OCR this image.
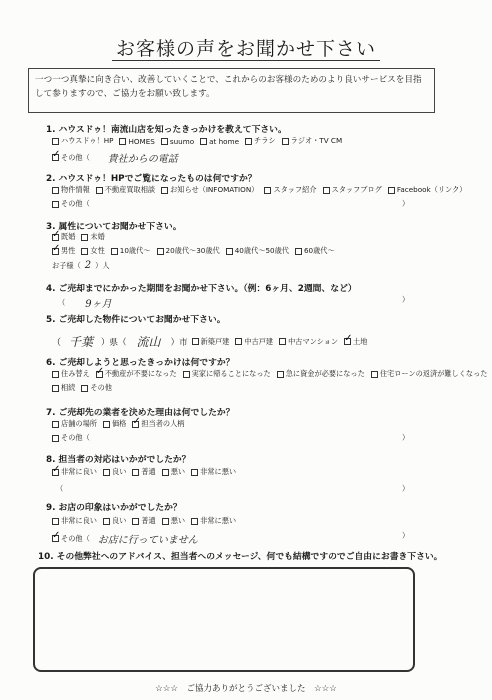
お客様の声をお聞かせ下さい
一つ一つ真摯に向き合い、改善していくことで、これからのお客様のためのより良いサービスを目指して参りますので、ご協力をお願い致します。
1. ハウスドゥ！南流山店を知ったきっかけを教えて下さい。
ハウスドゥ！HP HOMES suumo at home チラシ ラジオ・TV CM
✓
その他（ 貴社からの電話
2. ハウスドゥ！HPでご覧になったものは何ですか？
物件情報 不動産買取相談 お知らせ（INFOMATION） スタッフ紹介 スタッフブログ Facebook（リンク）
その他（	）
3. 属性についてお聞かせ下さい。
✓
既婚 未婚
✓
男性 女性 10歳代〜 20歳代〜30歳代 40歳代〜50歳代 60歳代〜
お子様（ 2 ）人
4. ご売却までにかかった期間をお聞かせ下さい。（例：6ヶ月、2週間、など）
（ 9ヶ月	）
5. ご売却した物件についてお聞かせ下さい。
（ 千葉 ）県（ 流山 ）市 新築戸建 中古戸建 中古マンション ✓ 土地
6. ご売却しようと思ったきっかけは何ですか？
住み替え ✓ 不動産が不要になった 実家に帰ることになった 急に資金が必要になった 住宅ローンの返済が難しくなった
相続 その他
7. ご売却先の業者を決めた理由は何でしたか？
店舗の場所 価格 ✓ 担当者の人柄
その他（	）
8. 担当者の対応はいかがでしたか？
✓
非常に良い 良い 普通 悪い 非常に悪い
（	）
9. お店の印象はいかがでしたか？
非常に良い 良い 普通 悪い 非常に悪い
✓
その他（ お店に行っていません	）
10. その他弊社へのアドバイス、担当者へのメッセージ、何でも結構ですのでご自由にお書き下さい。
☆☆☆　ご協力ありがとうございました　☆☆☆
